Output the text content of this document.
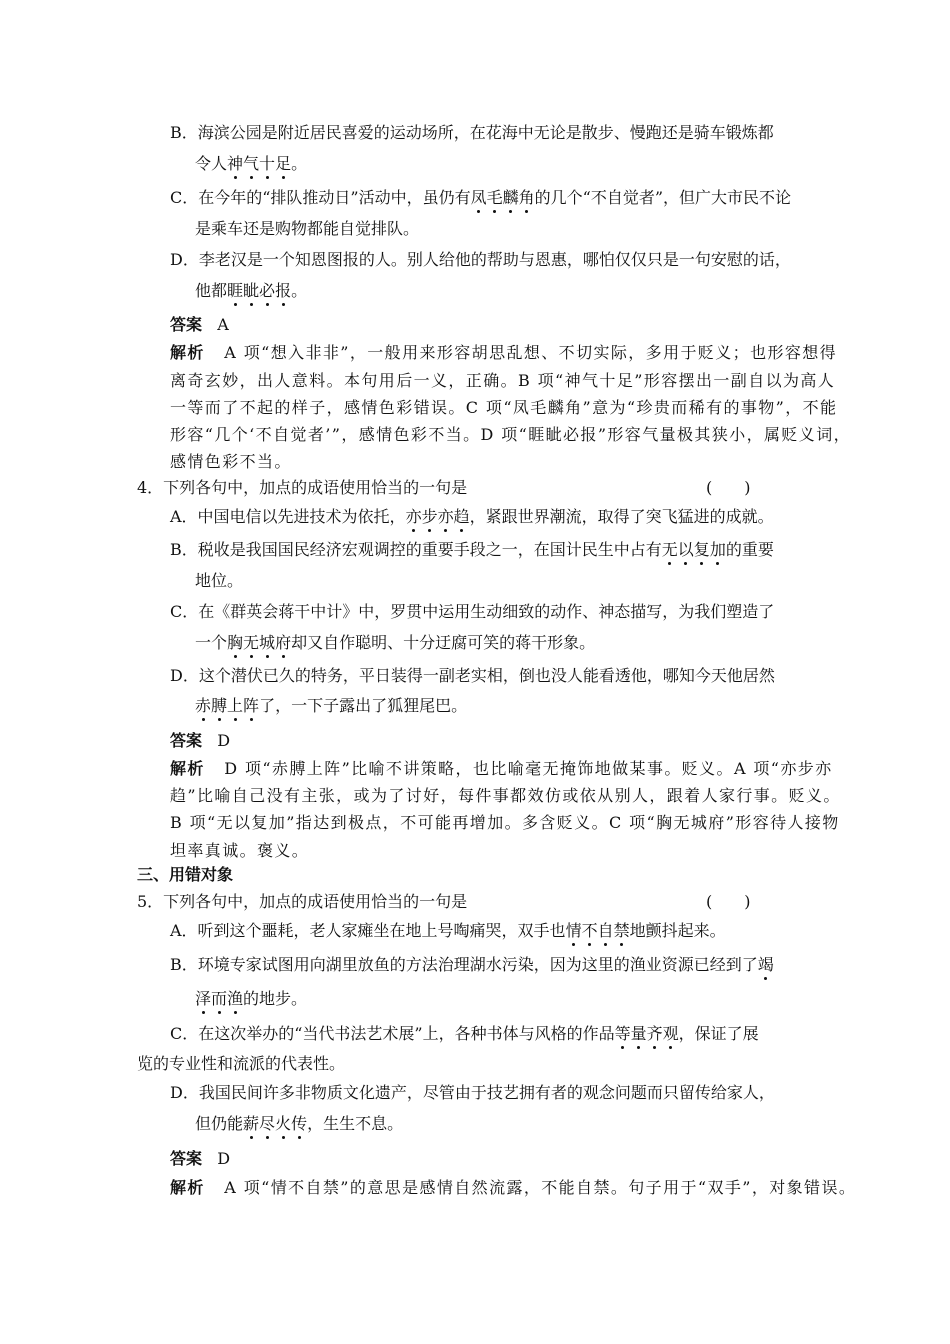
B．海滨公园是附近居民喜爱的运动场所，在花海中无论是散步、慢跑还是骑车锻炼都
令人神气十足。
C．在今年的“排队推动日”活动中，虽仍有凤毛麟角的几个“不自觉者”，但广大市民不论
是乘车还是购物都能自觉排队。
D．李老汉是一个知恩图报的人。别人给他的帮助与恩惠，哪怕仅仅只是一句安慰的话，
他都睚眦必报。
答案 A
解析 A 项“想入非非”，一般用来形容胡思乱想、不切实际，多用于贬义；也形容想得
离奇玄妙，出人意料。本句用后一义，正确。B 项“神气十足”形容摆出一副自以为高人
一等而了不起的样子，感情色彩错误。C 项“凤毛麟角”意为“珍贵而稀有的事物”，不能
形容“几个‘不自觉者’”，感情色彩不当。D 项“睚眦必报”形容气量极其狭小，属贬义词，
感情色彩不当。
4．下列各句中，加点的成语使用恰当的一句是	(　　)
A．中国电信以先进技术为依托，亦步亦趋，紧跟世界潮流，取得了突飞猛进的成就。
B．税收是我国国民经济宏观调控的重要手段之一，在国计民生中占有无以复加的重要
地位。
C．在《群英会蒋干中计》中，罗贯中运用生动细致的动作、神态描写，为我们塑造了
一个胸无城府却又自作聪明、十分迂腐可笑的蒋干形象。
D．这个潜伏已久的特务，平日装得一副老实相，倒也没人能看透他，哪知今天他居然
赤膊上阵了，一下子露出了狐狸尾巴。
答案 D
解析 D 项“赤膊上阵”比喻不讲策略，也比喻毫无掩饰地做某事。贬义。A 项“亦步亦
趋”比喻自己没有主张，或为了讨好，每件事都效仿或依从别人，跟着人家行事。贬义。
B 项“无以复加”指达到极点，不可能再增加。多含贬义。C 项“胸无城府”形容待人接物
坦率真诚。褒义。
三、用错对象
5．下列各句中，加点的成语使用恰当的一句是	(　　)
A．听到这个噩耗，老人家瘫坐在地上号啕痛哭，双手也情不自禁地颤抖起来。
B．环境专家试图用向湖里放鱼的方法治理湖水污染，因为这里的渔业资源已经到了竭
泽而渔的地步。
C．在这次举办的“当代书法艺术展”上，各种书体与风格的作品等量齐观，保证了展
览的专业性和流派的代表性。
D．我国民间许多非物质文化遗产，尽管由于技艺拥有者的观念问题而只留传给家人，
但仍能薪尽火传，生生不息。
答案 D
解析 A 项“情不自禁”的意思是感情自然流露，不能自禁。句子用于“双手”，对象错误。
